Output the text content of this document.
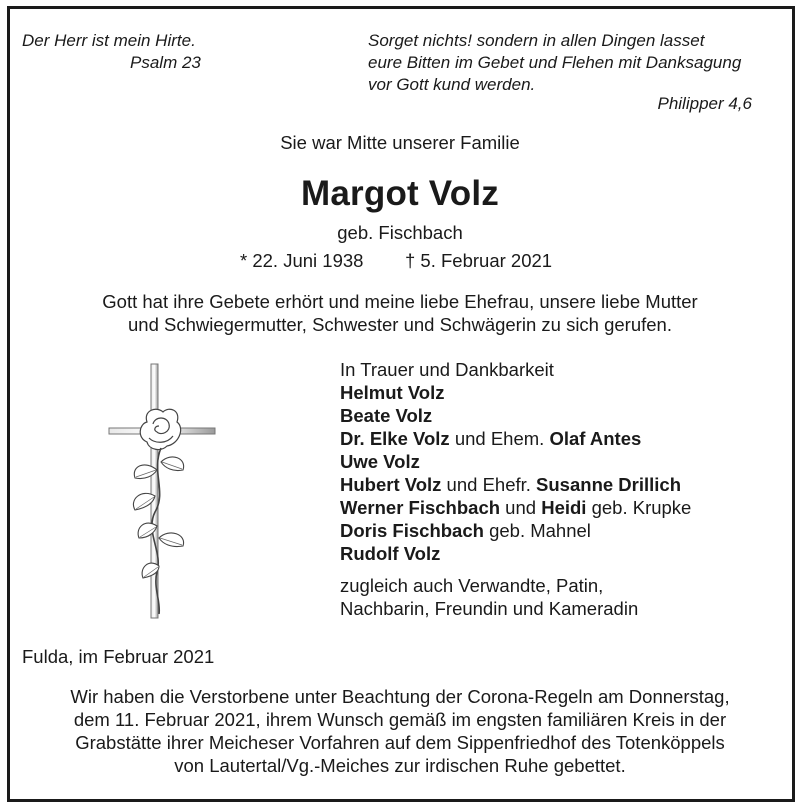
Der Herr ist mein Hirte.
Psalm 23
Sorget nichts! sondern in allen Dingen lasset
eure Bitten im Gebet und Flehen mit Danksagung
vor Gott kund werden.
Philipper 4,6
Sie war Mitte unserer Familie
Margot Volz
geb. Fischbach
* 22. Juni 1938 † 5. Februar 2021
Gott hat ihre Gebete erhört und meine liebe Ehefrau, unsere liebe Mutter
und Schwiegermutter, Schwester und Schwägerin zu sich gerufen.
In Trauer und Dankbarkeit
Helmut Volz
Beate Volz
Dr. Elke Volz und Ehem. Olaf Antes
Uwe Volz
Hubert Volz und Ehefr. Susanne Drillich
Werner Fischbach und Heidi geb. Krupke
Doris Fischbach geb. Mahnel
Rudolf Volz
zugleich auch Verwandte, Patin,
Nachbarin, Freundin und Kameradin
Fulda, im Februar 2021
Wir haben die Verstorbene unter Beachtung der Corona-Regeln am Donnerstag,
dem 11. Februar 2021, ihrem Wunsch gemäß im engsten familiären Kreis in der
Grabstätte ihrer Meicheser Vorfahren auf dem Sippenfriedhof des Totenköppels
von Lautertal/Vg.-Meiches zur irdischen Ruhe gebettet.
